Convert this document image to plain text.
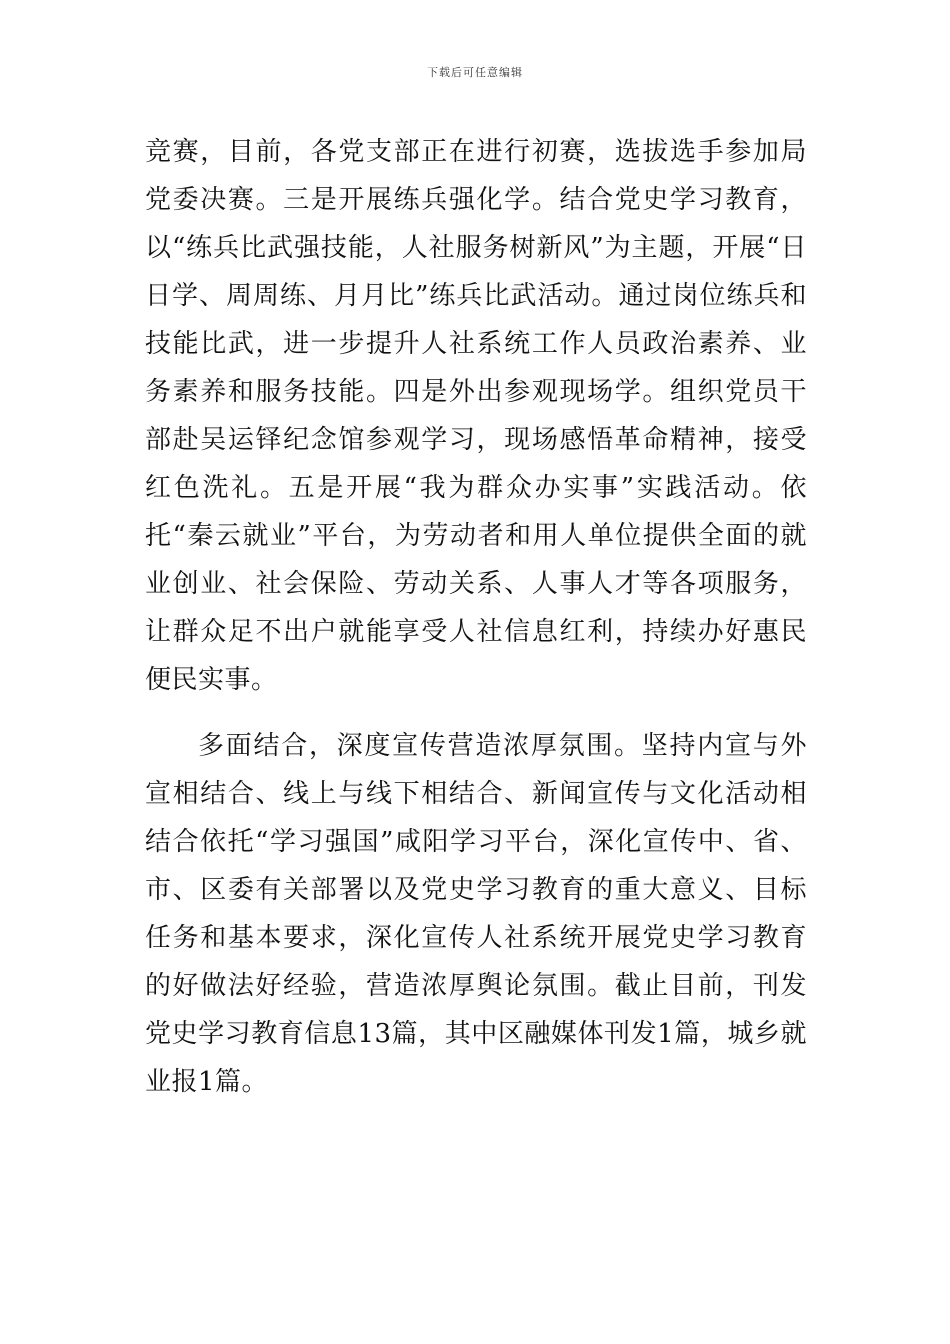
下载后可任意编辑

竞赛，目前，各党支部正在进行初赛，选拔选手参加局党委决赛。三是开展练兵强化学。结合党史学习教育，以“练兵比武强技能，人社服务树新风”为主题，开展“日日学、周周练、月月比”练兵比武活动。通过岗位练兵和技能比武，进一步提升人社系统工作人员政治素养、业务素养和服务技能。四是外出参观现场学。组织党员干部赴吴运铎纪念馆参观学习，现场感悟革命精神，接受红色洗礼。五是开展“我为群众办实事”实践活动。依托“秦云就业”平台，为劳动者和用人单位提供全面的就业创业、社会保险、劳动关系、人事人才等各项服务，让群众足不出户就能享受人社信息红利，持续办好惠民便民实事。

多面结合，深度宣传营造浓厚氛围。坚持内宣与外宣相结合、线上与线下相结合、新闻宣传与文化活动相结合依托“学习强国”咸阳学习平台，深化宣传中、省、市、区委有关部署以及党史学习教育的重大意义、目标任务和基本要求，深化宣传人社系统开展党史学习教育的好做法好经验，营造浓厚舆论氛围。截止目前，刊发党史学习教育信息13篇，其中区融媒体刊发1篇，城乡就业报1篇。
